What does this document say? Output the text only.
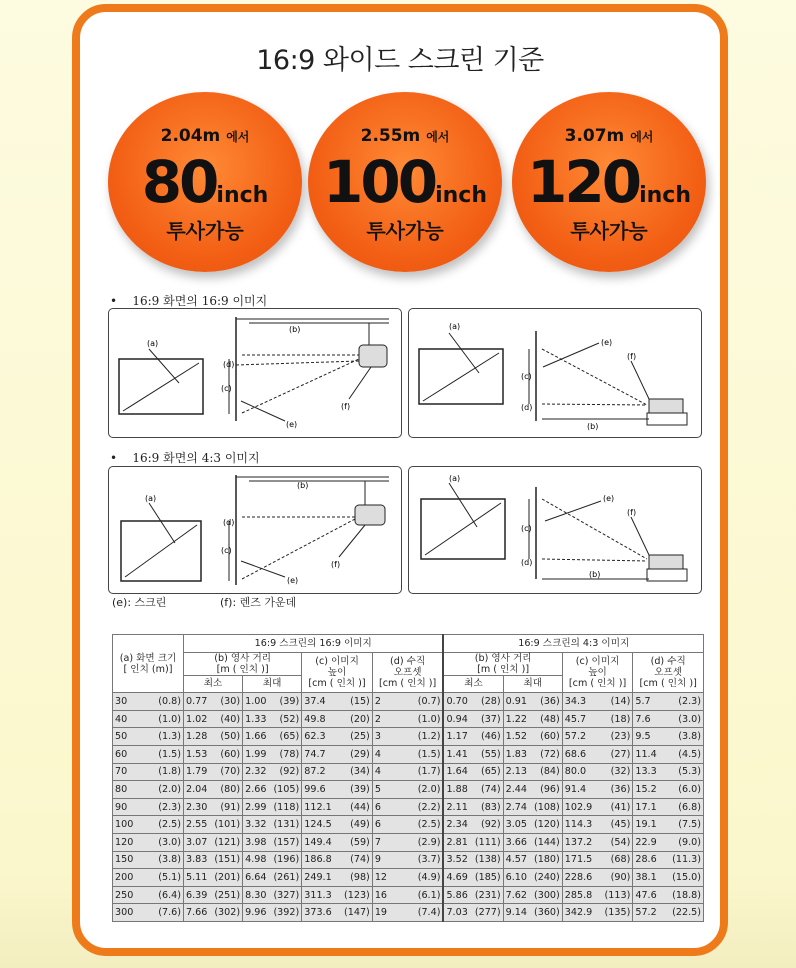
16:9 와이드 스크린 기준
2.04m 에서
80inch
투사가능
2.55m 에서
100inch
투사가능
3.07m 에서
120inch
투사가능
•    16:9 화면의 16:9 이미지
(a)
(b)
(c)
(d)
(e)
(f)
(a)
(b)
(c)
(d)
(e)
(f)
•    16:9 화면의 4:3 이미지
(a)
(b)
(c)
(d)
(e)
(f)
(a)
(b)
(c)
(d)
(e)
(f)
(e): 스크린	(f): 렌즈 가운데
(a) 화면 크기
[ 인치 (m)]	16:9 스크린의 16:9 이미지				16:9 스크린의 4:3 이미지			
	(b) 영사 거리
[m ( 인치 )]		(c) 이미지
높이
[cm ( 인치 )]	(d) 수직
오프셋
[cm ( 인치 )]	(b) 영사 거리
[m ( 인치 )]		(c) 이미지
높이
[cm ( 인치 )]	(d) 수직
오프셋
[cm ( 인치 )]
	최소	최대			최소	최대		

30 (0.8)	0.77 (30)	1.00 (39)	37.4 (15)	2 (0.7)	0.70 (28)	0.91 (36)	34.3 (14)	5.7 (2.3)

40 (1.0)	1.02 (40)	1.33 (52)	49.8 (20)	2 (1.0)	0.94 (37)	1.22 (48)	45.7 (18)	7.6 (3.0)

50 (1.3)	1.28 (50)	1.66 (65)	62.3 (25)	3 (1.2)	1.17 (46)	1.52 (60)	57.2 (23)	9.5 (3.8)

60 (1.5)	1.53 (60)	1.99 (78)	74.7 (29)	4 (1.5)	1.41 (55)	1.83 (72)	68.6 (27)	11.4 (4.5)

70 (1.8)	1.79 (70)	2.32 (92)	87.2 (34)	4 (1.7)	1.64 (65)	2.13 (84)	80.0 (32)	13.3 (5.3)

80 (2.0)	2.04 (80)	2.66 (105)	99.6 (39)	5 (2.0)	1.88 (74)	2.44 (96)	91.4 (36)	15.2 (6.0)

90 (2.3)	2.30 (91)	2.99 (118)	112.1 (44)	6 (2.2)	2.11 (83)	2.74 (108)	102.9 (41)	17.1 (6.8)

100 (2.5)	2.55 (101)	3.32 (131)	124.5 (49)	6 (2.5)	2.34 (92)	3.05 (120)	114.3 (45)	19.1 (7.5)

120 (3.0)	3.07 (121)	3.98 (157)	149.4 (59)	7 (2.9)	2.81 (111)	3.66 (144)	137.2 (54)	22.9 (9.0)

150 (3.8)	3.83 (151)	4.98 (196)	186.8 (74)	9 (3.7)	3.52 (138)	4.57 (180)	171.5 (68)	28.6 (11.3)

200 (5.1)	5.11 (201)	6.64 (261)	249.1 (98)	12 (4.9)	4.69 (185)	6.10 (240)	228.6 (90)	38.1 (15.0)

250 (6.4)	6.39 (251)	8.30 (327)	311.3 (123)	16 (6.1)	5.86 (231)	7.62 (300)	285.8 (113)	47.6 (18.8)

300 (7.6)	7.66 (302)	9.96 (392)	373.6 (147)	19 (7.4)	7.03 (277)	9.14 (360)	342.9 (135)	57.2 (22.5)
